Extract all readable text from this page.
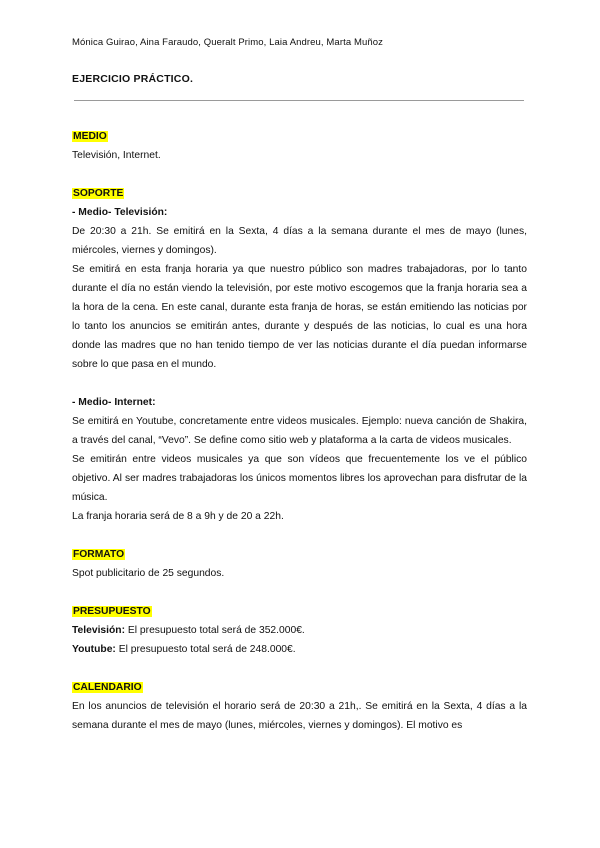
Mónica Guirao, Aina Faraudo, Queralt Primo, Laia Andreu, Marta Muñoz
EJERCICIO PRÁCTICO.
MEDIO

Televisión, Internet.

SOPORTE

- Medio- Televisión:

De 20:30 a 21h. Se emitirá en la Sexta, 4 días a la semana durante el mes de mayo (lunes, miércoles, viernes y domingos).

Se emitirá en esta franja horaria ya que nuestro público son madres trabajadoras, por lo tanto durante el día no están viendo la televisión, por este motivo escogemos que la franja horaria sea a la hora de la cena. En este canal, durante esta franja de horas, se están emitiendo las noticias por lo tanto los anuncios se emitirán antes, durante y después de las noticias, lo cual es una hora donde las madres que no han tenido tiempo de ver las noticias durante el día puedan informarse sobre lo que pasa en el mundo.

- Medio- Internet:

Se emitirá en Youtube, concretamente entre videos musicales. Ejemplo: nueva canción de Shakira, a través del canal, “Vevo”. Se define como sitio web y plataforma a la carta de videos musicales.

Se emitirán entre videos musicales ya que son vídeos que frecuentemente los ve el público objetivo. Al ser madres trabajadoras los únicos momentos libres los aprovechan para disfrutar de la música.

La franja horaria será de 8 a 9h y de 20 a 22h.

FORMATO

Spot publicitario de 25 segundos.

PRESUPUESTO

Televisión: El presupuesto total será de 352.000€.

Youtube: El presupuesto total será de 248.000€.

CALENDARIO

En los anuncios de televisión el horario será de 20:30 a 21h,. Se emitirá en la Sexta, 4 días a la semana durante el mes de mayo (lunes, miércoles, viernes y domingos). El motivo es
